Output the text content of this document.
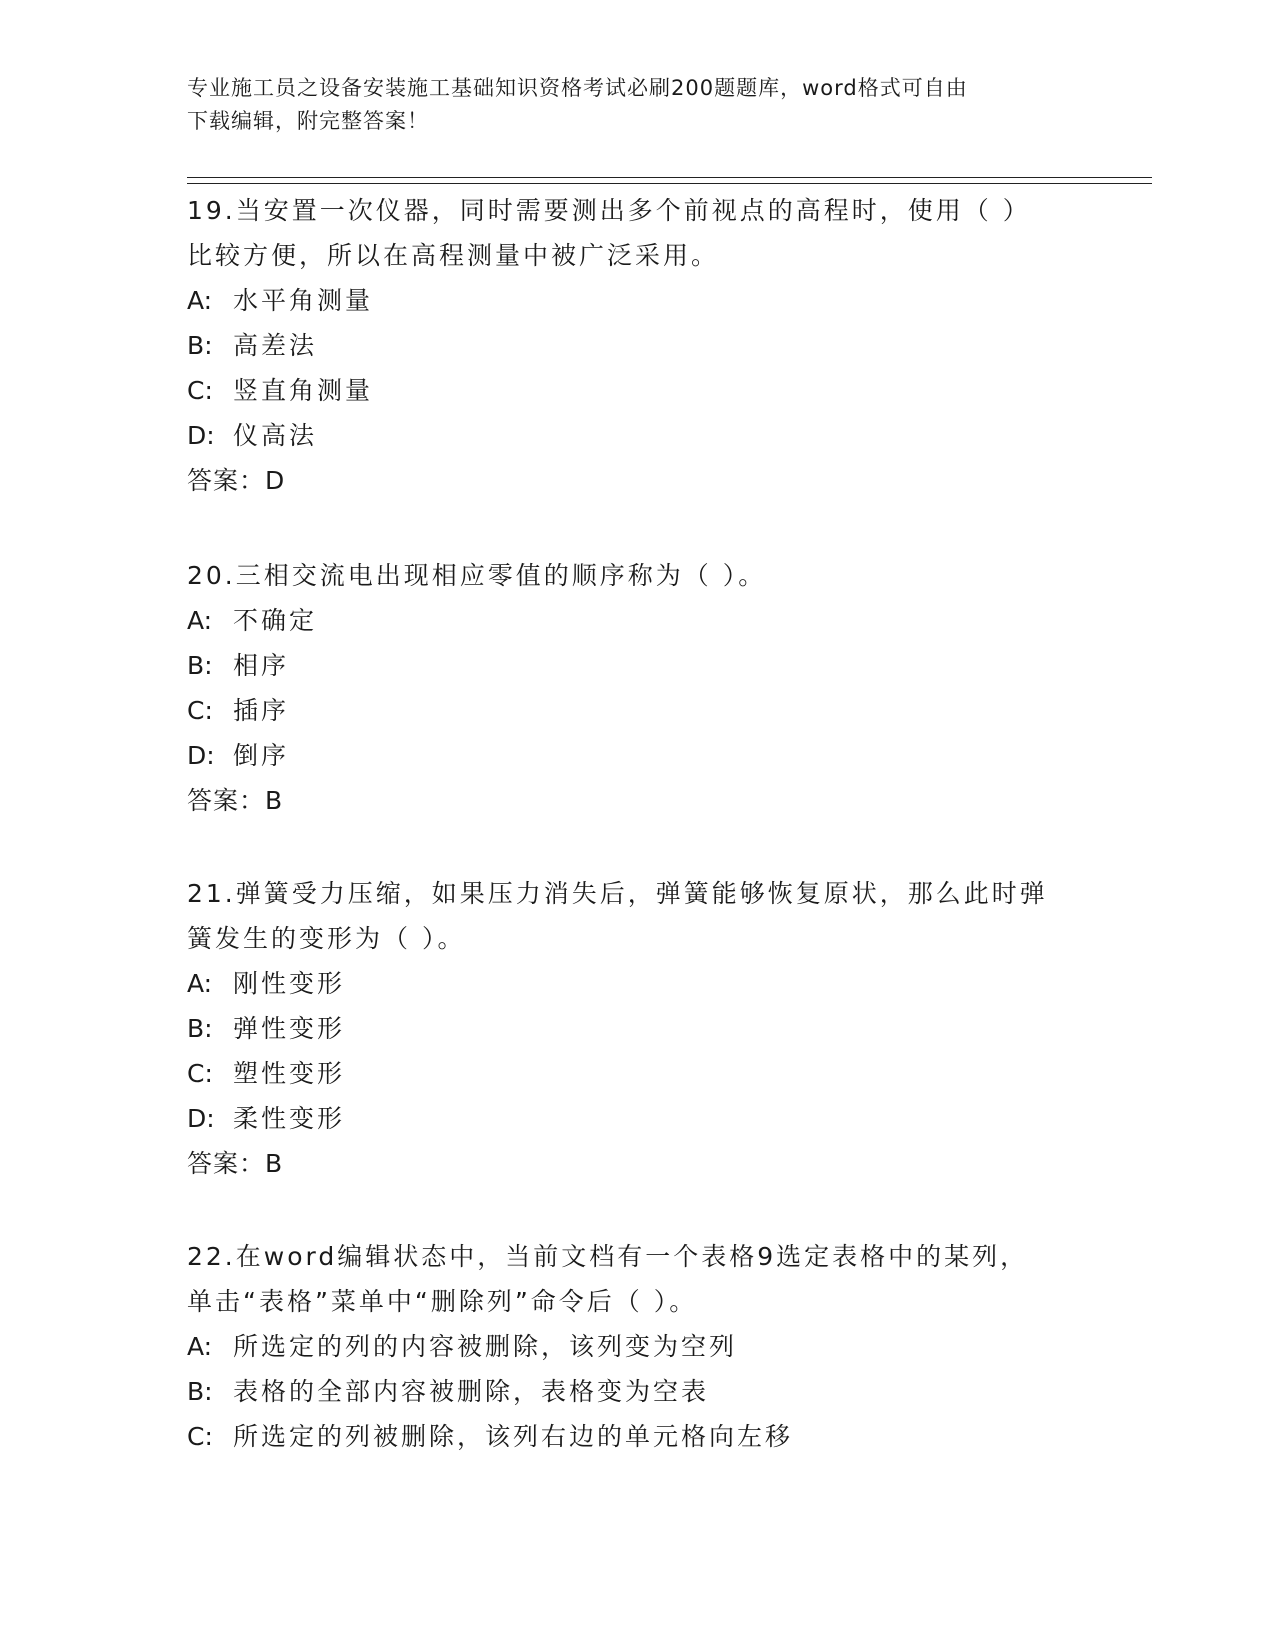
专业施工员之设备安装施工基础知识资格考试必刷200题题库，word格式可自由
下载编辑，附完整答案！

19.当安置一次仪器，同时需要测出多个前视点的高程时，使用（ ）

比较方便，所以在高程测量中被广泛采用。

A: 水平角测量

B: 高差法

C: 竖直角测量

D: 仪高法

答案：D

20.三相交流电出现相应零值的顺序称为（ ）。

A: 不确定

B: 相序

C: 插序

D: 倒序

答案：B

21.弹簧受力压缩，如果压力消失后，弹簧能够恢复原状，那么此时弹

簧发生的变形为（ ）。

A: 刚性变形

B: 弹性变形

C: 塑性变形

D: 柔性变形

答案：B

22.在word编辑状态中，当前文档有一个表格9选定表格中的某列，

单击“表格”菜单中“删除列”命令后（ ）。

A: 所选定的列的内容被删除，该列变为空列

B: 表格的全部内容被删除，表格变为空表

C: 所选定的列被删除，该列右边的单元格向左移
